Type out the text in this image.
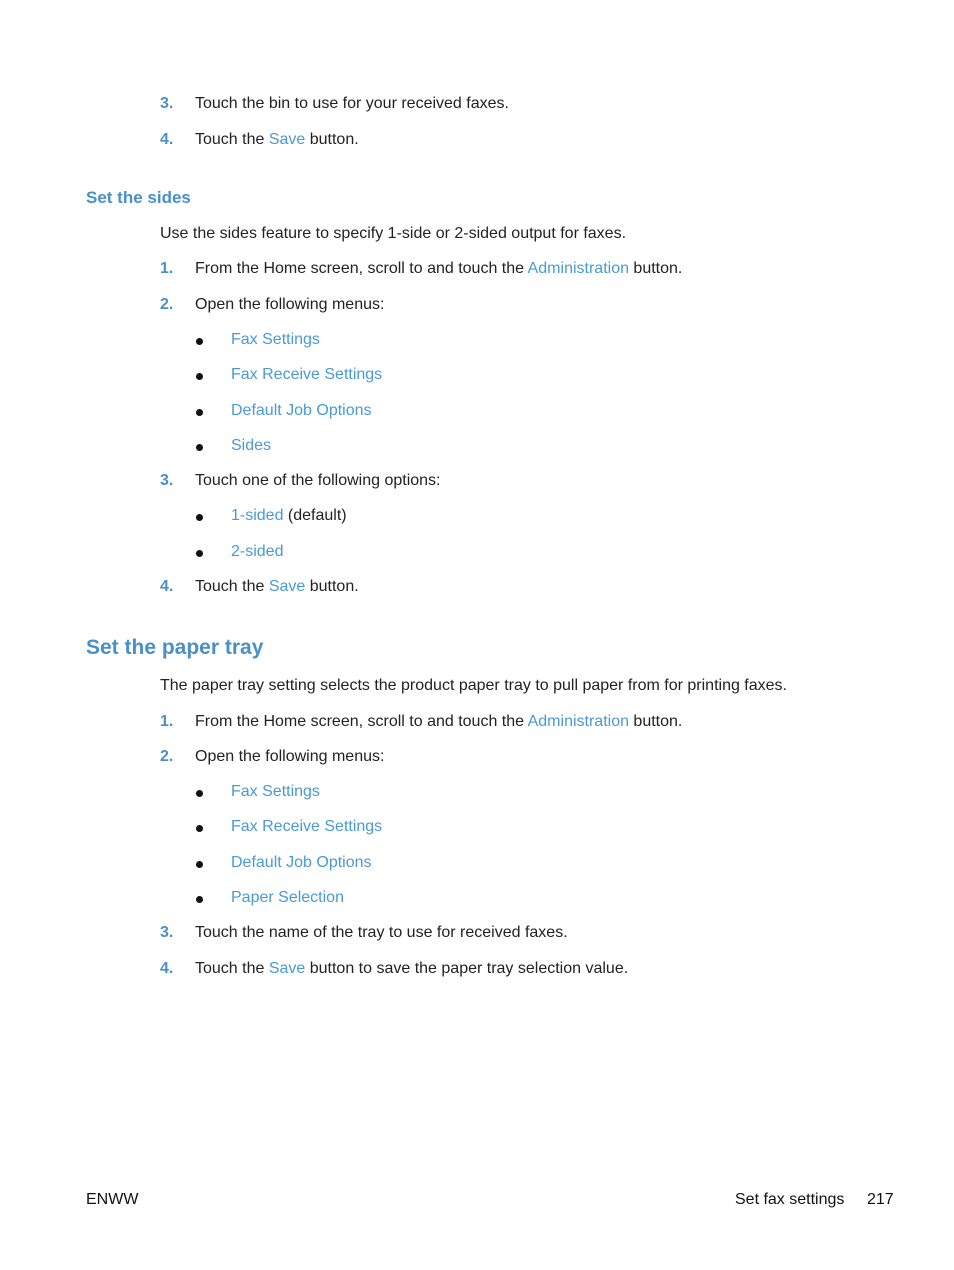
3. Touch the bin to use for your received faxes.
4. Touch the Save button.
Set the sides
Use the sides feature to specify 1-side or 2-sided output for faxes.
1. From the Home screen, scroll to and touch the Administration button.
2. Open the following menus:
Fax Settings
Fax Receive Settings
Default Job Options
Sides
3. Touch one of the following options:
1-sided (default)
2-sided
4. Touch the Save button.
Set the paper tray
The paper tray setting selects the product paper tray to pull paper from for printing faxes.
1. From the Home screen, scroll to and touch the Administration button.
2. Open the following menus:
Fax Settings
Fax Receive Settings
Default Job Options
Paper Selection
3. Touch the name of the tray to use for received faxes.
4. Touch the Save button to save the paper tray selection value.
ENWW	Set fax settings 217
